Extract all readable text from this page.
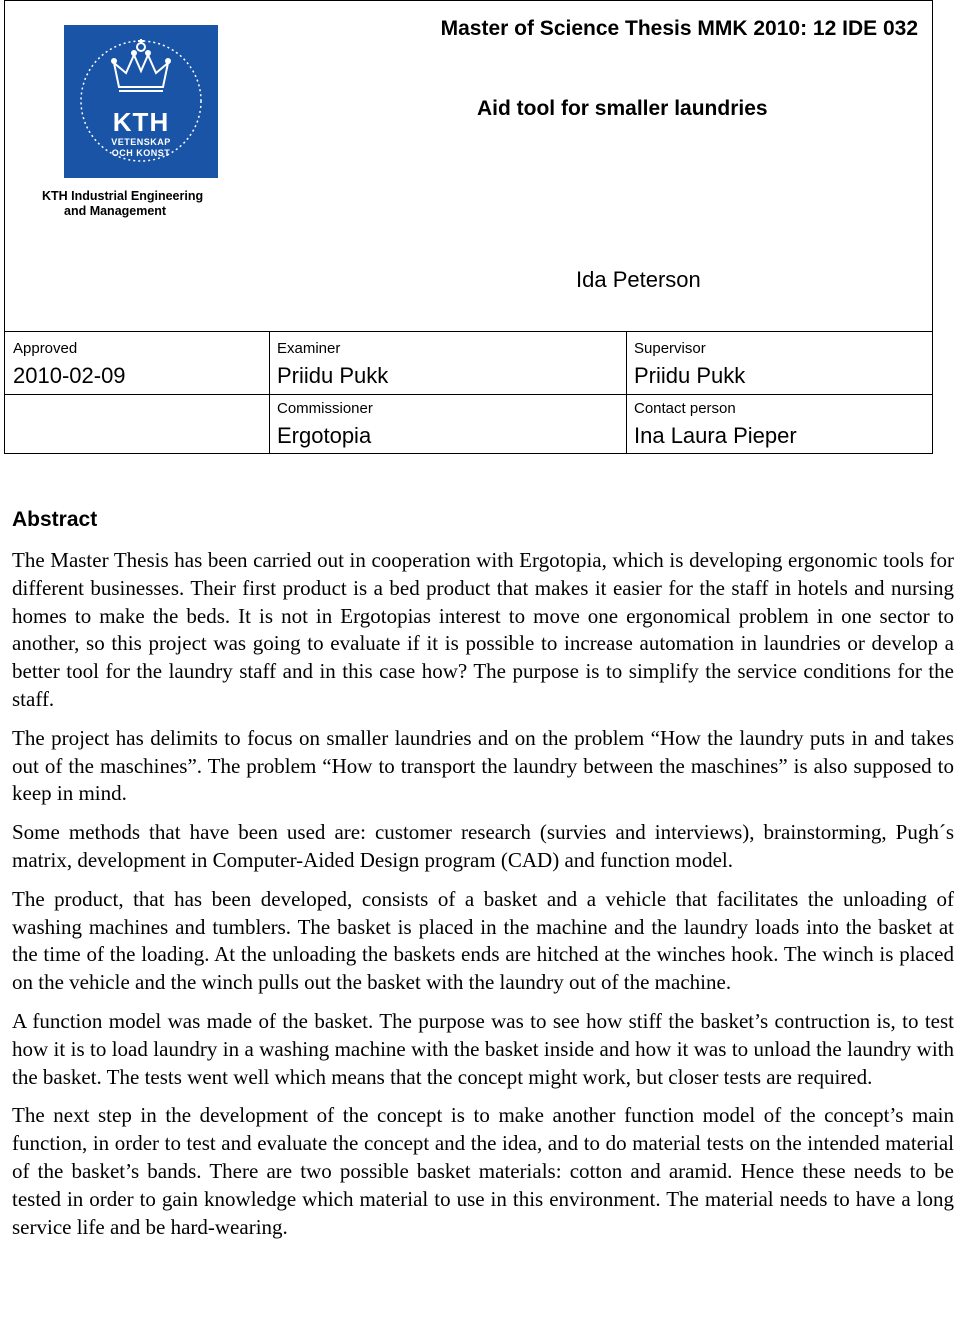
Master of Science Thesis MMK 2010: 12 IDE 032
KTH
VETENSKAP
OCH KONST
KTH Industrial Engineering
and Management
Aid tool for smaller laundries
Ida Peterson
Approved
2010-02-09
Examiner
Priidu Pukk
Supervisor
Priidu Pukk
Commissioner
Ergotopia
Contact person
Ina Laura Pieper
Abstract

The Master Thesis has been carried out in cooperation with Ergotopia, which is developing ergonomic tools for different businesses. Their first product is a bed product that makes it easier for the staff in hotels and nursing homes to make the beds. It is not in Ergotopias interest to move one ergonomical problem in one sector to another, so this project was going to evaluate if it is possible to increase automation in laundries or develop a better tool for the laundry staff and in this case how? The purpose is to simplify the service conditions for the staff.

The project has delimits to focus on smaller laundries and on the problem “How the laundry puts in and takes out of the maschines”. The problem “How to transport the laundry between the maschines” is also supposed to keep in mind.

Some methods that have been used are: customer research (survies and interviews), brainstorming, Pugh´s matrix, development in Computer-Aided Design program (CAD) and function model.

The product, that has been developed, consists of a basket and a vehicle that facilitates the unloading of washing machines and tumblers. The basket is placed in the machine and the laundry loads into the basket at the time of the loading. At the unloading the baskets ends are hitched at the winches hook. The winch is placed on the vehicle and the winch pulls out the basket with the laundry out of the machine.

A function model was made of the basket. The purpose was to see how stiff the basket’s contruction is, to test how it is to load laundry in a washing machine with the basket inside and how it was to unload the laundry with the basket. The tests went well which means that the concept might work, but closer tests are required.

The next step in the development of the concept is to make another function model of the concept’s main function, in order to test and evaluate the concept and the idea, and to do material tests on the intended material of the basket’s bands. There are two possible basket materials: cotton and aramid. Hence these needs to be tested in order to gain knowledge which material to use in this environment. The material needs to have a long service life and be hard-wearing.
